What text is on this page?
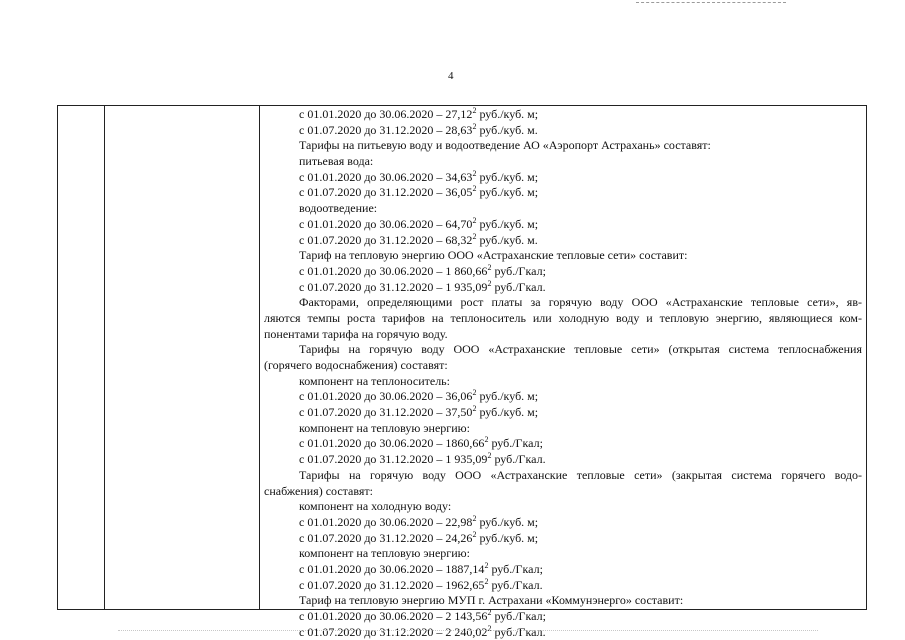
4
с 01.01.2020 до 30.06.2020 – 27,12$^2$ руб./куб. м;
с 01.07.2020 до 31.12.2020 – 28,63$^2$ руб./куб. м.
Тарифы на питьевую воду и водоотведение АО «Аэропорт Астрахань» составят:
питьевая вода:
с 01.01.2020 до 30.06.2020 – 34,63$^2$ руб./куб. м;
с 01.07.2020 до 31.12.2020 – 36,05$^2$ руб./куб. м;
водоотведение:
с 01.01.2020 до 30.06.2020 – 64,70$^2$ руб./куб. м;
с 01.07.2020 до 31.12.2020 – 68,32$^2$ руб./куб. м.
Тариф на тепловую энергию ООО «Астраханские тепловые сети» составит:
с 01.01.2020 до 30.06.2020 – 1 860,66$^2$ руб./Гкал;
с 01.07.2020 до 31.12.2020 – 1 935,09$^2$ руб./Гкал.
Факторами, определяющими рост платы за горячую воду ООО «Астраханские тепловые сети», яв-
ляются темпы роста тарифов на теплоноситель или холодную воду и тепловую энергию, являющиеся ком-
понентами тарифа на горячую воду.
Тарифы на горячую воду ООО «Астраханские тепловые сети» (открытая система теплоснабжения
(горячего водоснабжения) составят:
компонент на теплоноситель:
с 01.01.2020 до 30.06.2020 – 36,06$^2$ руб./куб. м;
с 01.07.2020 до 31.12.2020 – 37,50$^2$ руб./куб. м;
компонент на тепловую энергию:
с 01.01.2020 до 30.06.2020 – 1860,66$^2$ руб./Гкал;
с 01.07.2020 до 31.12.2020 – 1 935,09$^2$ руб./Гкал.
Тарифы на горячую воду ООО «Астраханские тепловые сети» (закрытая система горячего водо-
снабжения) составят:
компонент на холодную воду:
с 01.01.2020 до 30.06.2020 – 22,98$^2$ руб./куб. м;
с 01.07.2020 до 31.12.2020 – 24,26$^2$ руб./куб. м;
компонент на тепловую энергию:
с 01.01.2020 до 30.06.2020 – 1887,14$^2$ руб./Гкал;
с 01.07.2020 до 31.12.2020 – 1962,65$^2$ руб./Гкал.
Тариф на тепловую энергию МУП г. Астрахани «Коммунэнерго» составит:
с 01.01.2020 до 30.06.2020 – 2 143,56$^2$ руб./Гкал;
с 01.07.2020 до 31.12.2020 – 2 240,02$^2$ руб./Гкал.
